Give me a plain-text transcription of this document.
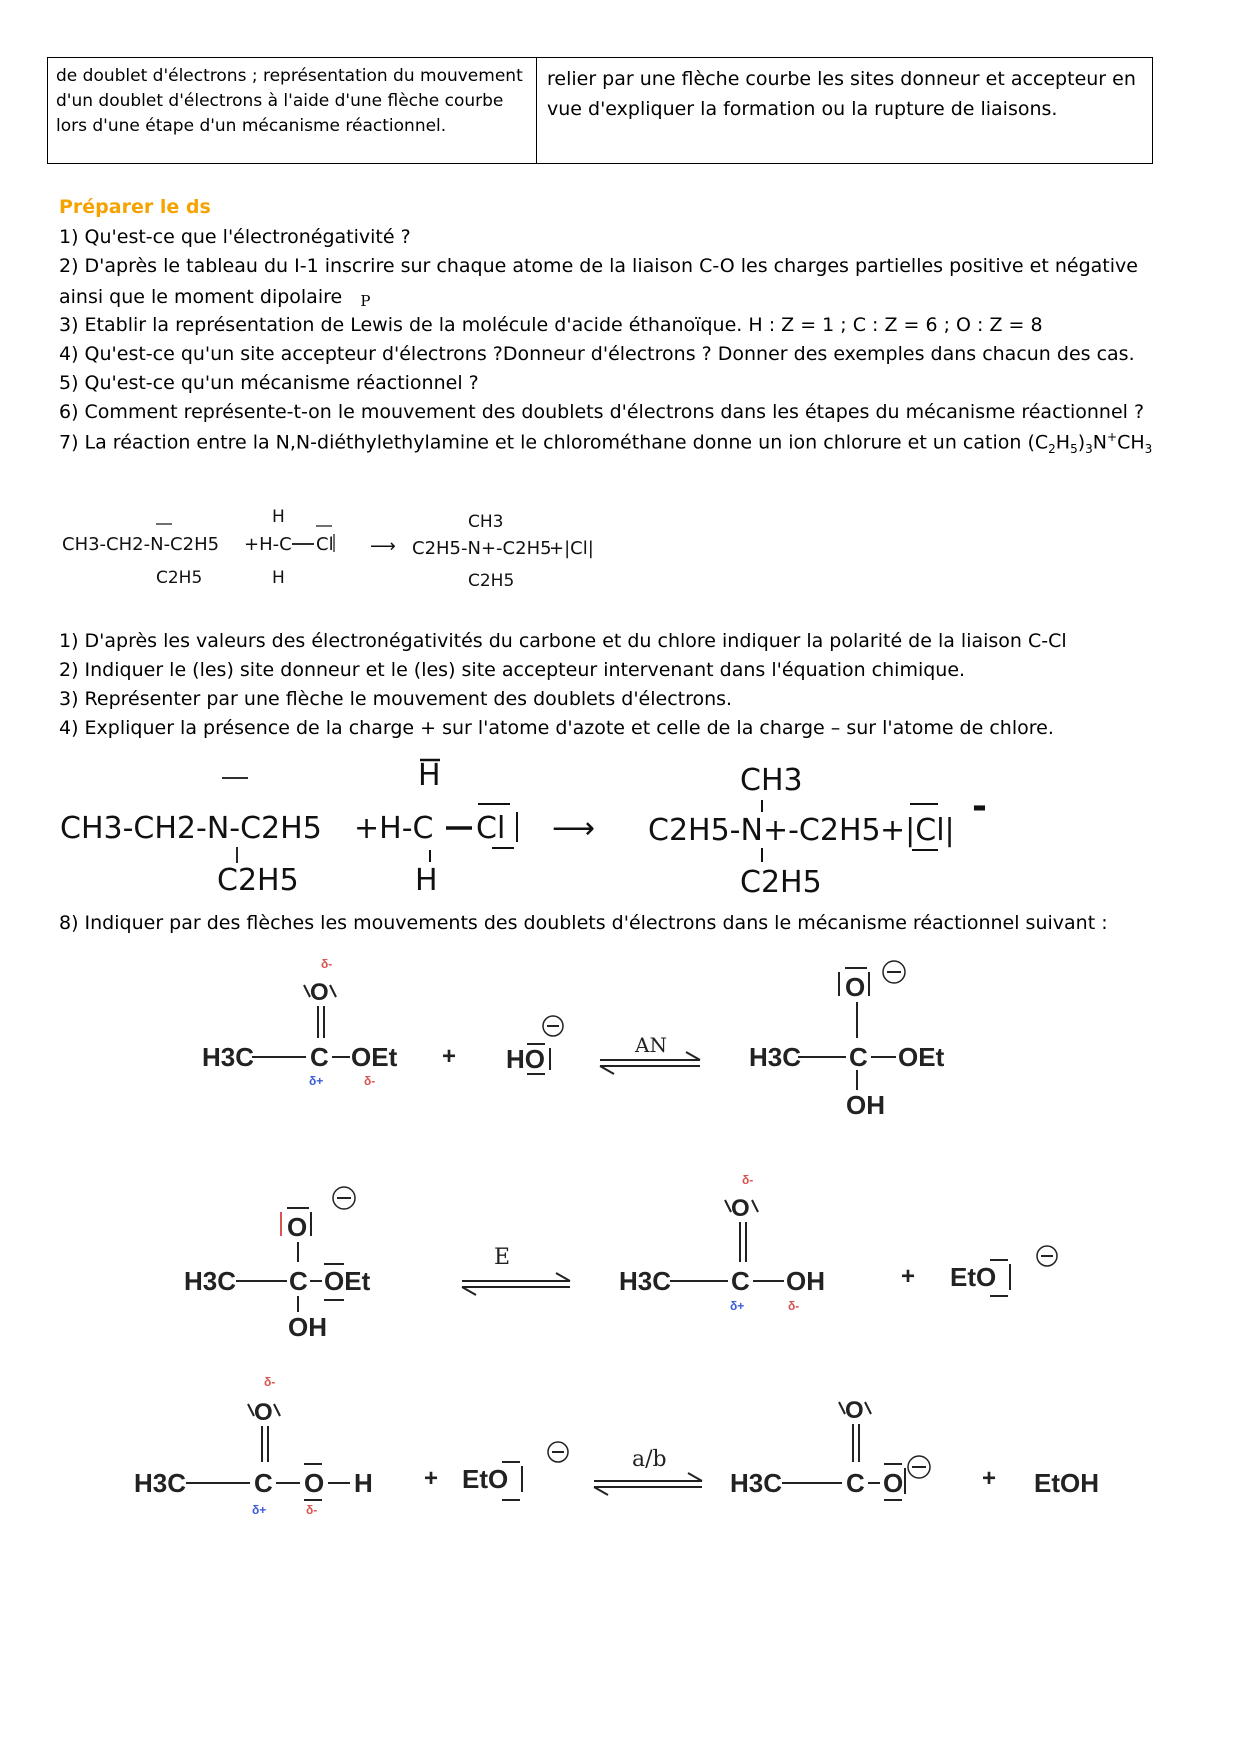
de doublet d'électrons ; représentation du mouvement d'un doublet d'électrons à l'aide d'une flèche courbe lors d'une étape d'un mécanisme réactionnel.
relier par une flèche courbe les sites donneur et accepteur en vue d'expliquer la formation ou la rupture de liaisons.
Préparer le ds
1) Qu'est-ce que l'électronégativité ?
2) D'après le tableau du I-1 inscrire sur chaque atome de la liaison C-O les charges partielles positive et négative
ainsi que le moment dipolaire P
3) Etablir la représentation de Lewis de la molécule d'acide éthanoïque. H : Z = 1 ; C : Z = 6 ; O : Z = 8
4) Qu'est-ce qu'un site accepteur d'électrons ?Donneur d'électrons ? Donner des exemples dans chacun des cas.
5) Qu'est-ce qu'un mécanisme réactionnel ?
6) Comment représente-t-on le mouvement des doublets d'électrons dans les étapes du mécanisme réactionnel ?
7) La réaction entre la N,N-diéthylethylamine et le chlorométhane donne un ion chlorure et un cation $(C_2H_5)_3N^+CH_3$
1) D'après les valeurs des électronégativités du carbone et du chlore indiquer la polarité de la liaison C-Cl
2) Indiquer le (les) site donneur et le (les) site accepteur intervenant dans l'équation chimique.
3) Représenter par une flèche le mouvement des doublets d'électrons.
4) Expliquer la présence de la charge + sur l'atome d'azote et celle de la charge – sur l'atome de chlore.
8) Indiquer par des flèches les mouvements des doublets d'électrons dans le mécanisme réactionnel suivant :
CH3-CH2-N-C2H5
C2H5
H
+H-C Cl
H
⟶
CH3
C2H5-N+-C2H5
+|Cl|
C2H5
CH3-CH2-N-C2H5
C2H5
H
+H-C Cl
H
⟶
CH3
C2H5-N+-C2H5 +|Cl|
-
C2H5
δ-
O
H3C C OEt
δ+	δ-
+ HO	AN
O
H3C C OEt
OH
O
H3C C OEt
OH
E
δ-
O
H3C C OH
δ+	δ-
+ EtO
δ-
O
H3C	C O H
δ+	δ-
+ EtO
a/b
O
H3C C O	+ EtOH
